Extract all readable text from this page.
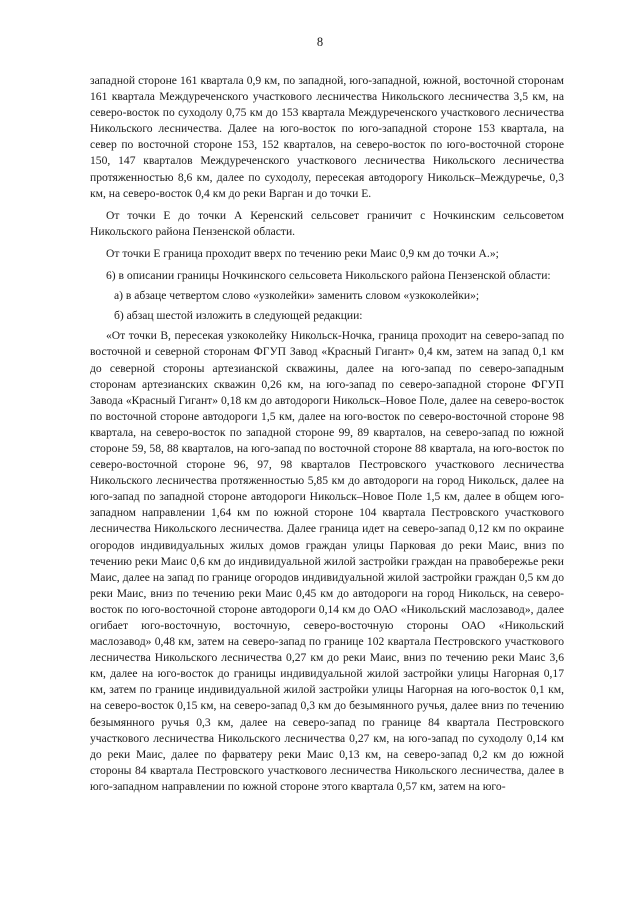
8

западной стороне 161 квартала 0,9 км, по западной, юго-западной, южной, восточной сторонам 161 квартала Междуреченского участкового лесничества Никольского лесничества 3,5 км, на северо-восток по суходолу 0,75 км до 153 квартала Междуреченского участкового лесничества Никольского лесничества. Далее на юго-восток по юго-западной стороне 153 квартала, на север по восточной стороне 153, 152 кварталов, на северо-восток по юго-восточной стороне 150, 147 кварталов Междуреченского участкового лесничества Никольского лесничества протяженностью 8,6 км, далее по суходолу, пересекая автодорогу Никольск–Междуречье, 0,3 км, на северо-восток 0,4 км до реки Варган и до точки Е.

От точки Е до точки А Керенский сельсовет граничит с Ночкинским сельсоветом Никольского района Пензенской области.

От точки Е граница проходит вверх по течению реки Маис 0,9 км до точки А.»;

6) в описании границы Ночкинского сельсовета Никольского района Пензенской области:

а) в абзаце четвертом слово «узколейки» заменить словом «узкоколейки»;

б) абзац шестой изложить в следующей редакции:

«От точки В, пересекая узкоколейку Никольск-Ночка, граница проходит на северо-запад по восточной и северной сторонам ФГУП Завод «Красный Гигант» 0,4 км, затем на запад 0,1 км до северной стороны артезианской скважины, далее на юго-запад по северо-западным сторонам артезианских скважин 0,26 км, на юго-запад по северо-западной стороне ФГУП Завода «Красный Гигант» 0,18 км до автодороги Никольск–Новое Поле, далее на северо-восток по восточной стороне автодороги 1,5 км, далее на юго-восток по северо-восточной стороне 98 квартала, на северо-восток по западной стороне 99, 89 кварталов, на северо-запад по южной стороне 59, 58, 88 кварталов, на юго-запад по восточной стороне 88 квартала, на юго-восток по северо-восточной стороне 96, 97, 98 кварталов Пестровского участкового лесничества Никольского лесничества протяженностью 5,85 км до автодороги на город Никольск, далее на юго-запад по западной стороне автодороги Никольск–Новое Поле 1,5 км, далее в общем юго-западном направлении 1,64 км по южной стороне 104 квартала Пестровского участкового лесничества Никольского лесничества. Далее граница идет на северо-запад 0,12 км по окраине огородов индивидуальных жилых домов граждан улицы Парковая до реки Маис, вниз по течению реки Маис 0,6 км до индивидуальной жилой застройки граждан на правобережье реки Маис, далее на запад по границе огородов индивидуальной жилой застройки граждан 0,5 км до реки Маис, вниз по течению реки Маис 0,45 км до автодороги на город Никольск, на северо-восток по юго-восточной стороне автодороги 0,14 км до ОАО «Никольский маслозавод», далее огибает юго-восточную, восточную, северо-восточную стороны ОАО «Никольский маслозавод» 0,48 км, затем на северо-запад по границе 102 квартала Пестровского участкового лесничества Никольского лесничества 0,27 км до реки Маис, вниз по течению реки Маис 3,6 км, далее на юго-восток до границы индивидуальной жилой застройки улицы Нагорная 0,17 км, затем по границе индивидуальной жилой застройки улицы Нагорная на юго-восток 0,1 км, на северо-восток 0,15 км, на северо-запад 0,3 км до безымянного ручья, далее вниз по течению безымянного ручья 0,3 км, далее на северо-запад по границе 84 квартала Пестровского участкового лесничества Никольского лесничества 0,27 км, на юго-запад по суходолу 0,14 км до реки Маис, далее по фарватеру реки Маис 0,13 км, на северо-запад 0,2 км до южной стороны 84 квартала Пестровского участкового лесничества Никольского лесничества, далее в юго-западном направлении по южной стороне этого квартала 0,57 км, затем на юго-
